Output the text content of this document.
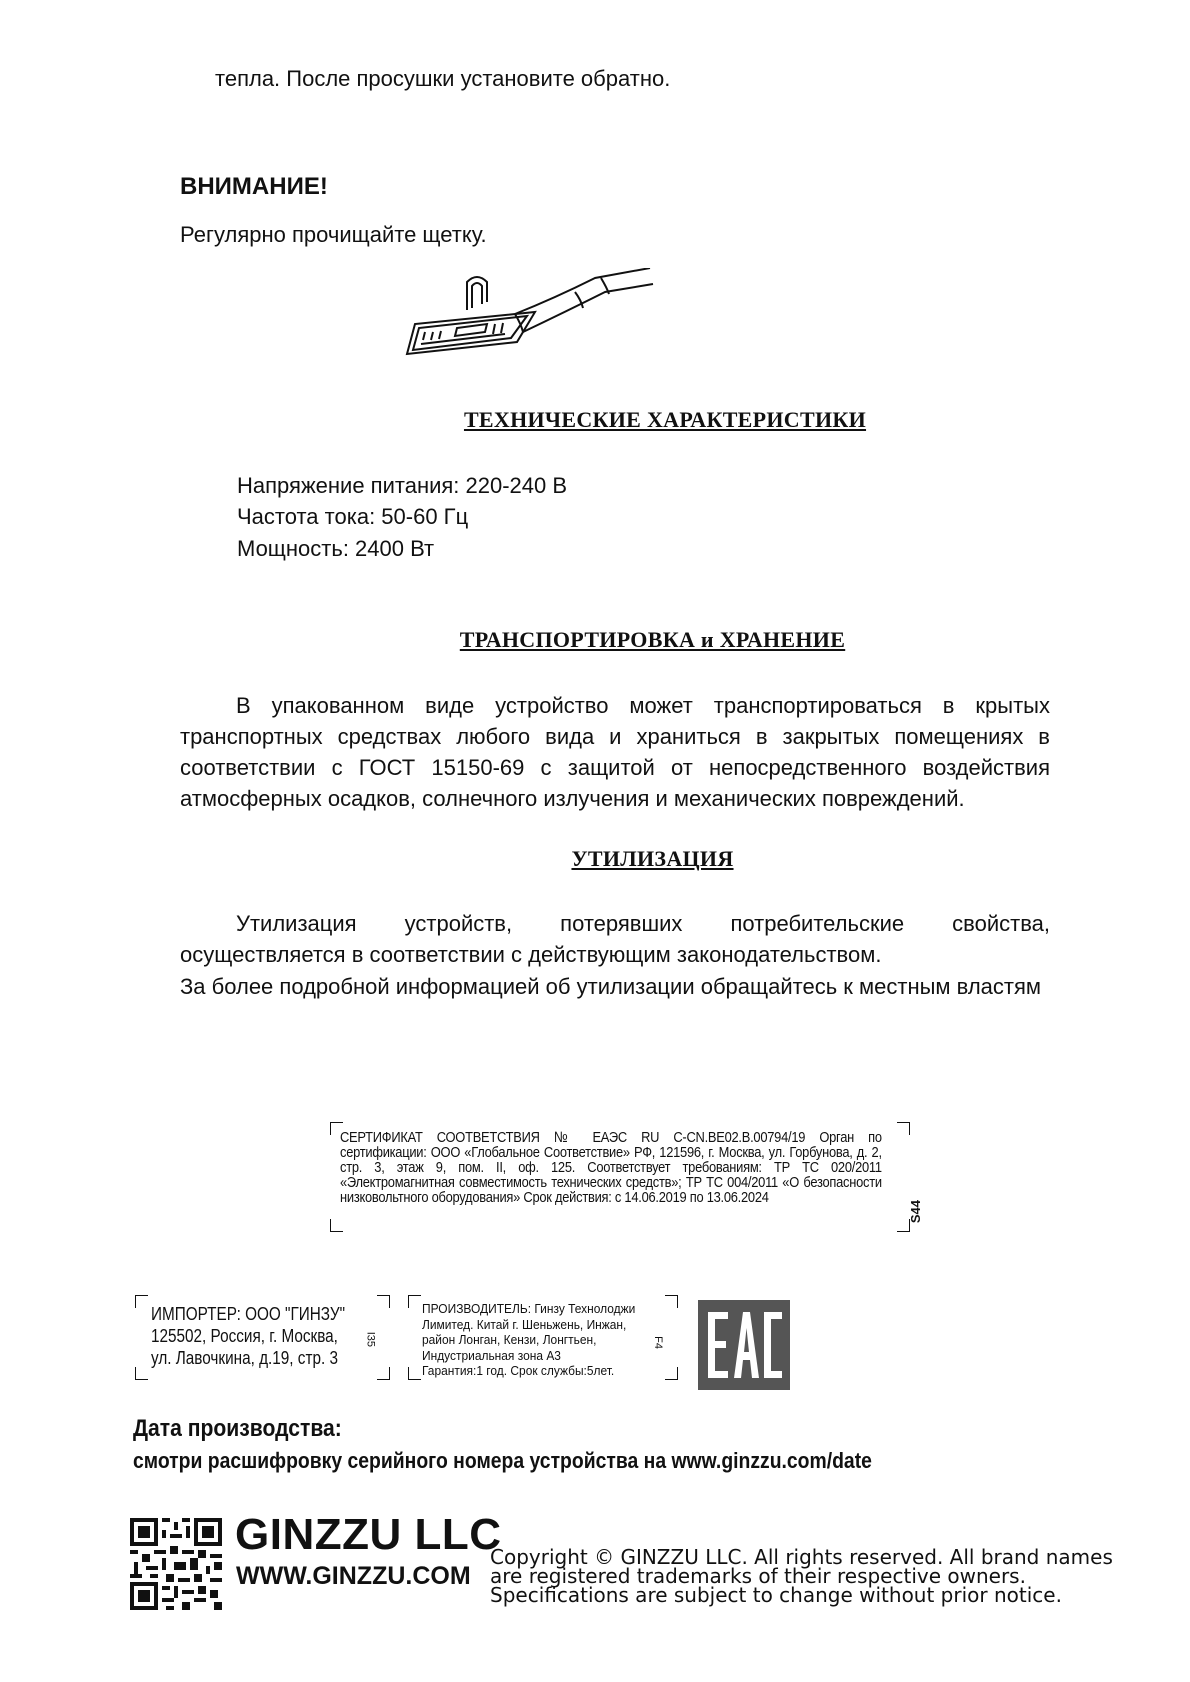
тепла. После просушки установите обратно.
ВНИМАНИЕ!
Регулярно прочищайте щетку.
ТЕХНИЧЕСКИЕ ХАРАКТЕРИСТИКИ
Напряжение питания: 220-240 В
Частота тока: 50-60 Гц
Мощность: 2400 Вт
ТРАНСПОРТИРОВКА и ХРАНЕНИЕ
В упакованном виде устройство может транспортироваться в крытых транспортных средствах любого вида и храниться в закрытых помещениях в соответствии с ГОСТ 15150-69 с защитой от непосредственного воздействия атмосферных осадков, солнечного излучения и механических повреждений.
УТИЛИЗАЦИЯ
Утилизация устройств, потерявших потребительские свойства, осуществляется в соответствии с действующим законодательством.
За более подробной информацией об утилизации обращайтесь к местным властям
СЕРТИФИКАТ СООТВЕТСТВИЯ № ЕАЭС RU C-CN.BE02.B.00794/19 Орган по сертификации: ООО «Глобальное Соответствие» РФ, 121596, г. Москва, ул. Горбунова, д. 2, стр. 3, этаж 9, пом. II, оф. 125. Соответствует требованиям: ТР ТС 020/2011 «Электромагнитная совместимость технических средств»; ТР ТС 004/2011 «О безопасности низковольтного оборудования» Срок действия: с 14.06.2019 по 13.06.2024
S44
ИМПОРТЕР: ООО "ГИНЗУ"
125502, Россия, г. Москва,
ул. Лавочкина, д.19, стр. 3
I35
ПРОИЗВОДИТЕЛЬ: Гинзу Технолоджи
Лимитед. Китай г. Шеньжень, Инжан,
район Лонган, Кензи, Лонгтьен,
Индустриальная зона A3
Гарантия:1 год. Срок службы:5лет.
F4
Дата производства:
смотри расшифровку серийного номера устройства на www.ginzzu.com/date
GINZZU LLC
WWW.GINZZU.COM
Copyright © GINZZU LLC. All rights reserved. All brand names
are registered trademarks of their respective owners.
Specifications are subject to change without prior notice.
